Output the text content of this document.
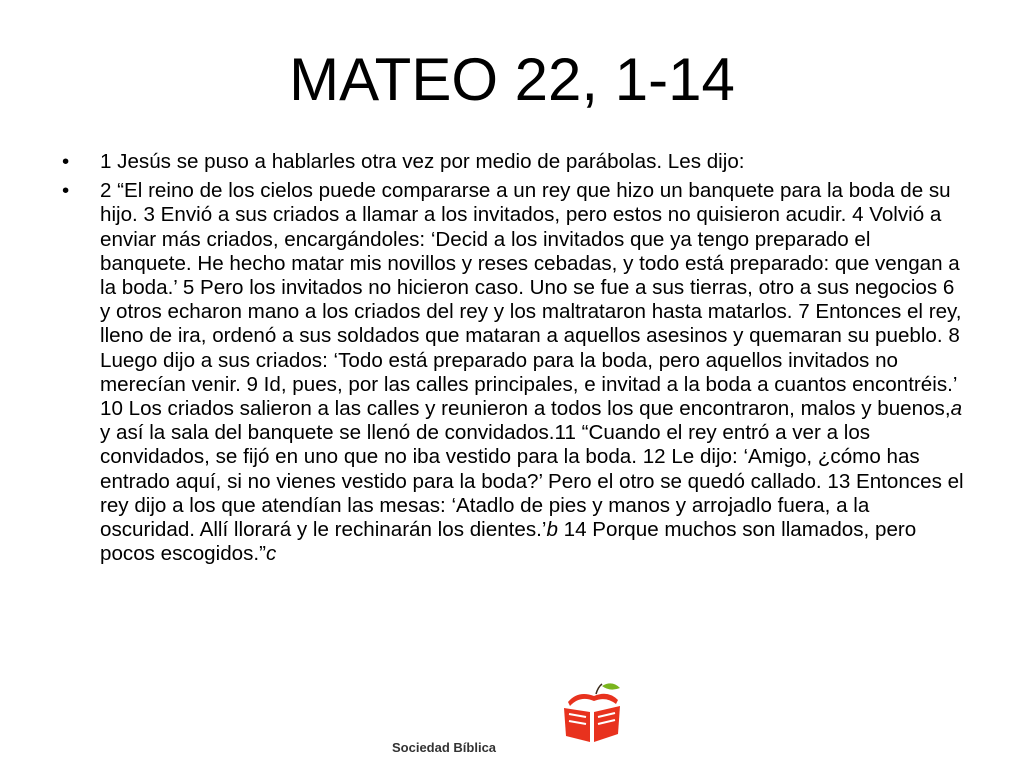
MATEO 22, 1-14
• 1 Jesús se puso a hablarles otra vez por medio de parábolas. Les dijo:
• 2 “El reino de los cielos puede compararse a un rey que hizo un banquete para la boda de su hijo. 3 Envió a sus criados a llamar a los invitados, pero estos no quisieron acudir. 4 Volvió a enviar más criados, encargándoles: ‘Decid a los invitados que ya tengo preparado el banquete. He hecho matar mis novillos y reses cebadas, y todo está preparado: que vengan a la boda.’ 5 Pero los invitados no hicieron caso. Uno se fue a sus tierras, otro a sus negocios 6 y otros echaron mano a los criados del rey y los maltrataron hasta matarlos. 7 Entonces el rey, lleno de ira, ordenó a sus soldados que mataran a aquellos asesinos y quemaran su pueblo. 8 Luego dijo a sus criados: ‘Todo está preparado para la boda, pero aquellos invitados no merecían venir. 9 Id, pues, por las calles principales, e invitad a la boda a cuantos encontréis.’ 10 Los criados salieron a las calles y reunieron a todos los que encontraron, malos y buenos,a y así la sala del banquete se llenó de convidados.11 “Cuando el rey entró a ver a los convidados, se fijó en uno que no iba vestido para la boda. 12 Le dijo: ‘Amigo, ¿cómo has entrado aquí, si no vienes vestido para la boda?’ Pero el otro se quedó callado. 13 Entonces el rey dijo a los que atendían las mesas: ‘Atadlo de pies y manos y arrojadlo fuera, a la oscuridad. Allí llorará y le rechinarán los dientes.’b 14 Porque muchos son llamados, pero pocos escogidos.”c
Sociedad Bíblica
